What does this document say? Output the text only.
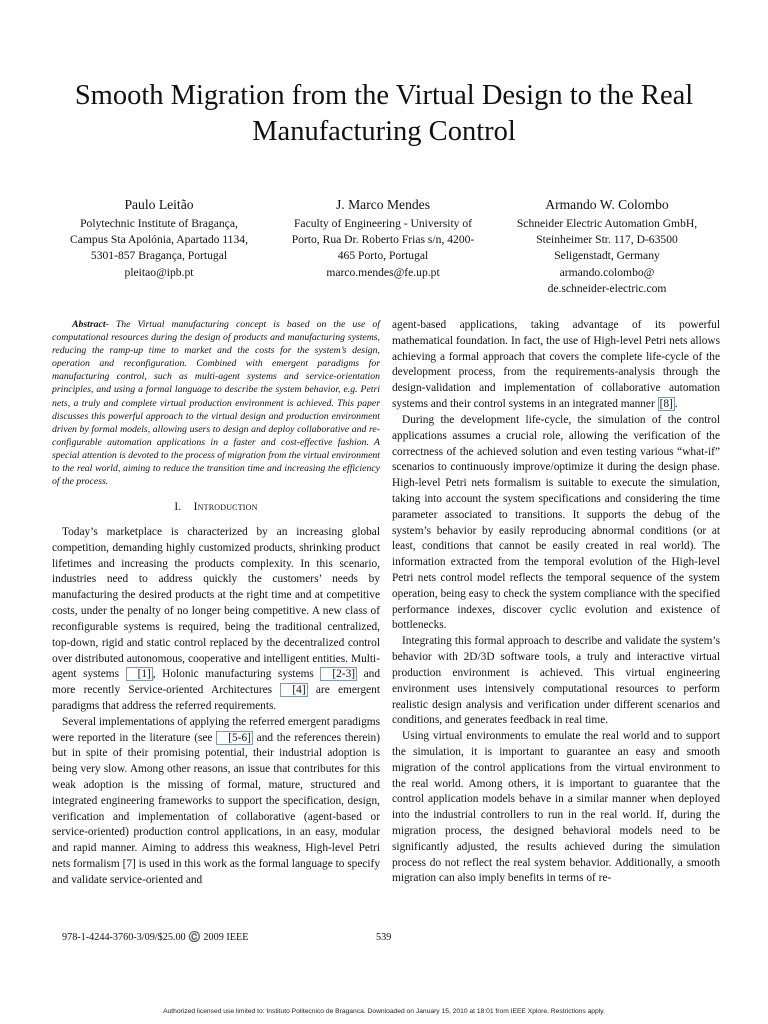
Smooth Migration from the Virtual Design to the Real Manufacturing Control
Paulo Leitão
Polytechnic Institute of Bragança,
Campus Sta Apolónia, Apartado 1134,
5301-857 Bragança, Portugal
pleitao@ipb.pt
J. Marco Mendes
Faculty of Engineering - University of
Porto, Rua Dr. Roberto Frias s/n, 4200-
465 Porto, Portugal
marco.mendes@fe.up.pt
Armando W. Colombo
Schneider Electric Automation GmbH,
Steinheimer Str. 117, D-63500
Seligenstadt, Germany
armando.colombo@
de.schneider-electric.com

Abstract- The Virtual manufacturing concept is based on the use of computational resources during the design of products and manufacturing systems, reducing the ramp-up time to market and the costs for the system’s design, operation and reconfiguration. Combined with emergent paradigms for manufacturing control, such as multi-agent systems and service-orientation principles, and using a formal language to describe the system behavior, e.g. Petri nets, a truly and complete virtual production environment is achieved. This paper discusses this powerful approach to the virtual design and production environment driven by formal models, allowing users to design and deploy collaborative and re-configurable automation applications in a faster and cost-effective fashion. A special attention is devoted to the process of migration from the virtual environment to the real world, aiming to reduce the transition time and increasing the efficiency of the process.

I. Introduction

Today’s marketplace is characterized by an increasing global competition, demanding highly customized products, shrinking product lifetimes and increasing the products complexity. In this scenario, industries need to address quickly the customers’ needs by manufacturing the desired products at the right time and at competitive costs, under the penalty of no longer being competitive. A new class of reconfigurable systems is required, being the traditional centralized, top-down, rigid and static control replaced by the decentralized control over distributed autonomous, cooperative and intelligent entities. Multi-agent systems [1] , Holonic manufacturing systems [2-3] and more recently Service-oriented Architectures [4] are emergent paradigms that address the referred requirements.

Several implementations of applying the referred emergent paradigms were reported in the literature (see [5-6] and the references therein) but in spite of their promising potential, their industrial adoption is being very slow. Among other reasons, an issue that contributes for this weak adoption is the missing of formal, mature, structured and integrated engineering frameworks to support the specification, design, verification and implementation of collaborative (agent-based or service-oriented) production control applications, in an easy, modular and rapid manner. Aiming to address this weakness, High-level Petri nets formalism [7] is used in this work as the formal language to specify and validate service-oriented and

agent-based applications, taking advantage of its powerful mathematical foundation. In fact, the use of High-level Petri nets allows achieving a formal approach that covers the complete life-cycle of the development process, from the requirements-analysis through the design-validation and implementation of collaborative automation systems and their control systems in an integrated manner [8] .

During the development life-cycle, the simulation of the control applications assumes a crucial role, allowing the verification of the correctness of the achieved solution and even testing various “what-if” scenarios to continuously improve/optimize it during the design phase. High-level Petri nets formalism is suitable to execute the simulation, taking into account the system specifications and considering the time parameter associated to transitions. It supports the debug of the system’s behavior by easily reproducing abnormal conditions (or at least, conditions that cannot be easily created in real world). The information extracted from the temporal evolution of the High-level Petri nets control model reflects the temporal sequence of the system operation, being easy to check the system compliance with the specified performance indexes, discover cyclic evolution and existence of bottlenecks.

Integrating this formal approach to describe and validate the system’s behavior with 2D/3D software tools, a truly and interactive virtual production environment is achieved. This virtual engineering environment uses intensively computational resources to perform realistic design analysis and verification under different scenarios and conditions, and generates feedback in real time.

Using virtual environments to emulate the real world and to support the simulation, it is important to guarantee an easy and smooth migration of the control applications from the virtual environment to the real world. Among others, it is important to guarantee that the control application models behave in a similar manner when deployed into the industrial controllers to run in the real world. If, during the migration process, the designed behavioral models need to be significantly adjusted, the results achieved during the simulation process do not reflect the real system behavior. Additionally, a smooth migration can also imply benefits in terms of re-

978-1-4244-3760-3/09/$25.00 ©️ 2009 IEEE	539
Authorized licensed use limited to: Instituto Politecnico de Braganca. Downloaded on January 15, 2010 at 18:01 from IEEE Xplore. Restrictions apply.
